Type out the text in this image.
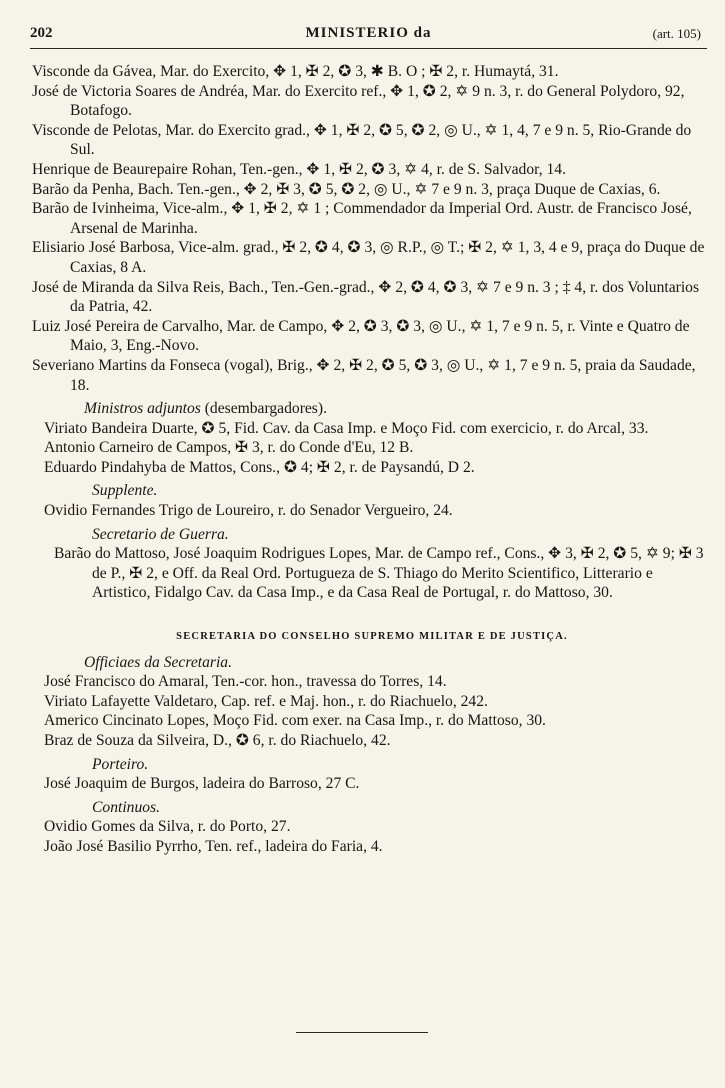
202	MINISTERIO da	(art. 105)

Visconde da Gávea, Mar. do Exercito, ✥ 1, ✠ 2, ✪ 3, ✱ B. O ; ✠ 2, r. Humaytá, 31.

José de Victoria Soares de Andréa, Mar. do Exercito ref., ✥ 1, ✪ 2, ✡ 9 n. 3, r. do General Polydoro, 92, Botafogo.

Visconde de Pelotas, Mar. do Exercito grad., ✥ 1, ✠ 2, ✪ 5, ✪ 2, ◎ U., ✡ 1, 4, 7 e 9 n. 5, Rio-Grande do Sul.

Henrique de Beaurepaire Rohan, Ten.-gen., ✥ 1, ✠ 2, ✪ 3, ✡ 4, r. de S. Salvador, 14.

Barão da Penha, Bach. Ten.-gen., ✥ 2, ✠ 3, ✪ 5, ✪ 2, ◎ U., ✡ 7 e 9 n. 3, praça Duque de Caxias, 6.

Barão de Ivinheima, Vice-alm., ✥ 1, ✠ 2, ✡ 1 ; Commendador da Imperial Ord. Austr. de Francisco José, Arsenal de Marinha.

Elisiario José Barbosa, Vice-alm. grad., ✠ 2, ✪ 4, ✪ 3, ◎ R.P., ◎ T.; ✠ 2, ✡ 1, 3, 4 e 9, praça do Duque de Caxias, 8 A.

José de Miranda da Silva Reis, Bach., Ten.-Gen.-grad., ✥ 2, ✪ 4, ✪ 3, ✡ 7 e 9 n. 3 ; ‡ 4, r. dos Voluntarios da Patria, 42.

Luiz José Pereira de Carvalho, Mar. de Campo, ✥ 2, ✪ 3, ✪ 3, ◎ U., ✡ 1, 7 e 9 n. 5, r. Vinte e Quatro de Maio, 3, Eng.-Novo.

Severiano Martins da Fonseca (vogal), Brig., ✥ 2, ✠ 2, ✪ 5, ✪ 3, ◎ U., ✡ 1, 7 e 9 n. 5, praia da Saudade, 18.

Ministros adjuntos (desembargadores).

Viriato Bandeira Duarte, ✪ 5, Fid. Cav. da Casa Imp. e Moço Fid. com exercicio, r. do Arcal, 33.

Antonio Carneiro de Campos, ✠ 3, r. do Conde d'Eu, 12 B.

Eduardo Pindahyba de Mattos, Cons., ✪ 4; ✠ 2, r. de Paysandú, D 2.

Supplente.

Ovidio Fernandes Trigo de Loureiro, r. do Senador Vergueiro, 24.

Secretario de Guerra.

Barão do Mattoso, José Joaquim Rodrigues Lopes, Mar. de Campo ref., Cons., ✥ 3, ✠ 2, ✪ 5, ✡ 9; ✠ 3 de P., ✠ 2, e Off. da Real Ord. Portugueza de S. Thiago do Merito Scientifico, Litterario e Artistico, Fidalgo Cav. da Casa Imp., e da Casa Real de Portugal, r. do Mattoso, 30.

SECRETARIA DO CONSELHO SUPREMO MILITAR E DE JUSTIÇA.

Officiaes da Secretaria.

José Francisco do Amaral, Ten.-cor. hon., travessa do Torres, 14.

Viriato Lafayette Valdetaro, Cap. ref. e Maj. hon., r. do Riachuelo, 242.

Americo Cincinato Lopes, Moço Fid. com exer. na Casa Imp., r. do Mattoso, 30.

Braz de Souza da Silveira, D., ✪ 6, r. do Riachuelo, 42.

Porteiro.

José Joaquim de Burgos, ladeira do Barroso, 27 C.

Continuos.

Ovidio Gomes da Silva, r. do Porto, 27.

João José Basilio Pyrrho, Ten. ref., ladeira do Faria, 4.
